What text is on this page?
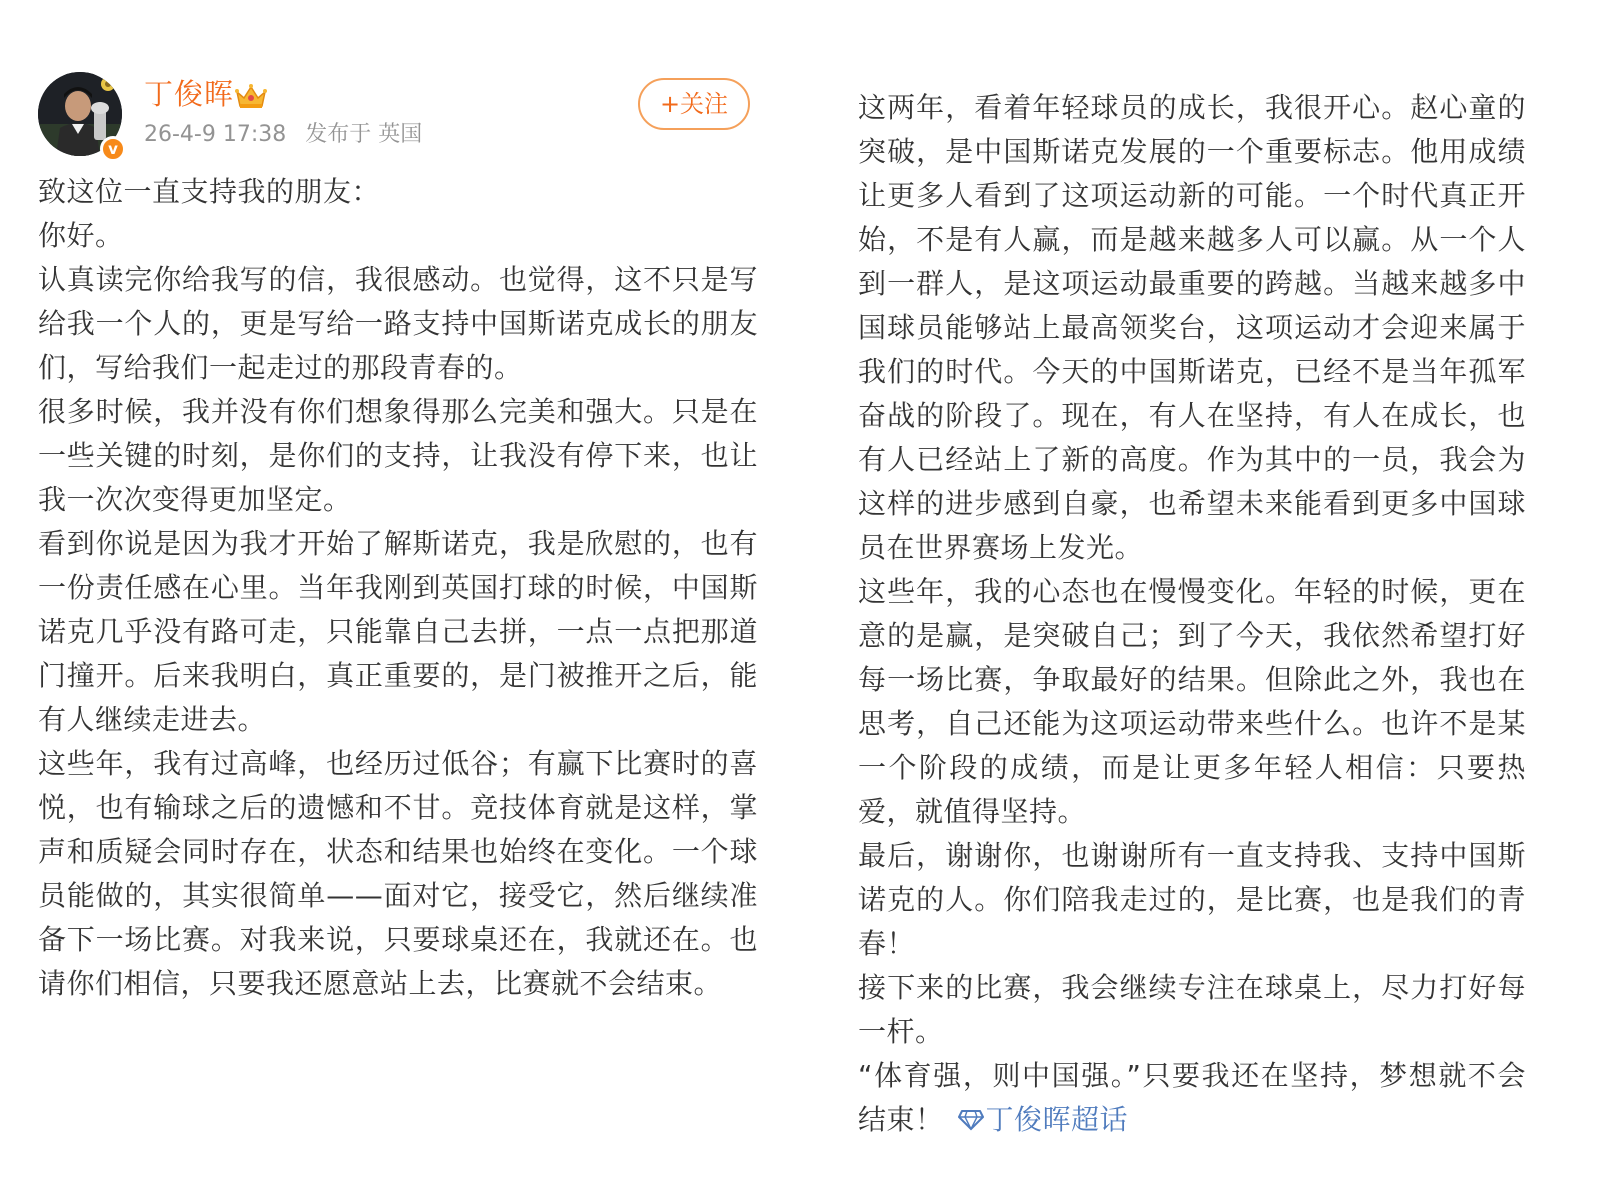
v
丁俊晖
26-4-9 17:38 发布于 英国
+关注

致这位一直支持我的朋友：

你好。

认真读完你给我写的信，我很感动。也觉得，这不只是写给我一个人的，更是写给一路支持中国斯诺克成长的朋友们，写给我们一起走过的那段青春的。

很多时候，我并没有你们想象得那么完美和强大。只是在一些关键的时刻，是你们的支持，让我没有停下来，也让我一次次变得更加坚定。

看到你说是因为我才开始了解斯诺克，我是欣慰的，也有一份责任感在心里。当年我刚到英国打球的时候，中国斯诺克几乎没有路可走，只能靠自己去拼，一点一点把那道门撞开。后来我明白，真正重要的，是门被推开之后，能有人继续走进去。

这些年，我有过高峰，也经历过低谷；有赢下比赛时的喜悦，也有输球之后的遗憾和不甘。竞技体育就是这样，掌声和质疑会同时存在，状态和结果也始终在变化。一个球员能做的，其实很简单——面对它，接受它，然后继续准备下一场比赛。对我来说，只要球桌还在，我就还在。也请你们相信，只要我还愿意站上去，比赛就不会结束。

这两年，看着年轻球员的成长，我很开心。赵心童的突破，是中国斯诺克发展的一个重要标志。他用成绩让更多人看到了这项运动新的可能。一个时代真正开始，不是有人赢，而是越来越多人可以赢。从一个人到一群人，是这项运动最重要的跨越。当越来越多中国球员能够站上最高领奖台，这项运动才会迎来属于我们的时代。今天的中国斯诺克，已经不是当年孤军奋战的阶段了。现在，有人在坚持，有人在成长，也有人已经站上了新的高度。作为其中的一员，我会为这样的进步感到自豪，也希望未来能看到更多中国球员在世界赛场上发光。

这些年，我的心态也在慢慢变化。年轻的时候，更在意的是赢，是突破自己；到了今天，我依然希望打好每一场比赛，争取最好的结果。但除此之外，我也在思考，自己还能为这项运动带来些什么。也许不是某一个阶段的成绩，而是让更多年轻人相信：只要热爱，就值得坚持。

最后，谢谢你，也谢谢所有一直支持我、支持中国斯诺克的人。你们陪我走过的，是比赛，也是我们的青春！

接下来的比赛，我会继续专注在球桌上，尽力打好每一杆。

“体育强，则中国强。”只要我还在坚持，梦想就不会结束！ 丁俊晖超话
